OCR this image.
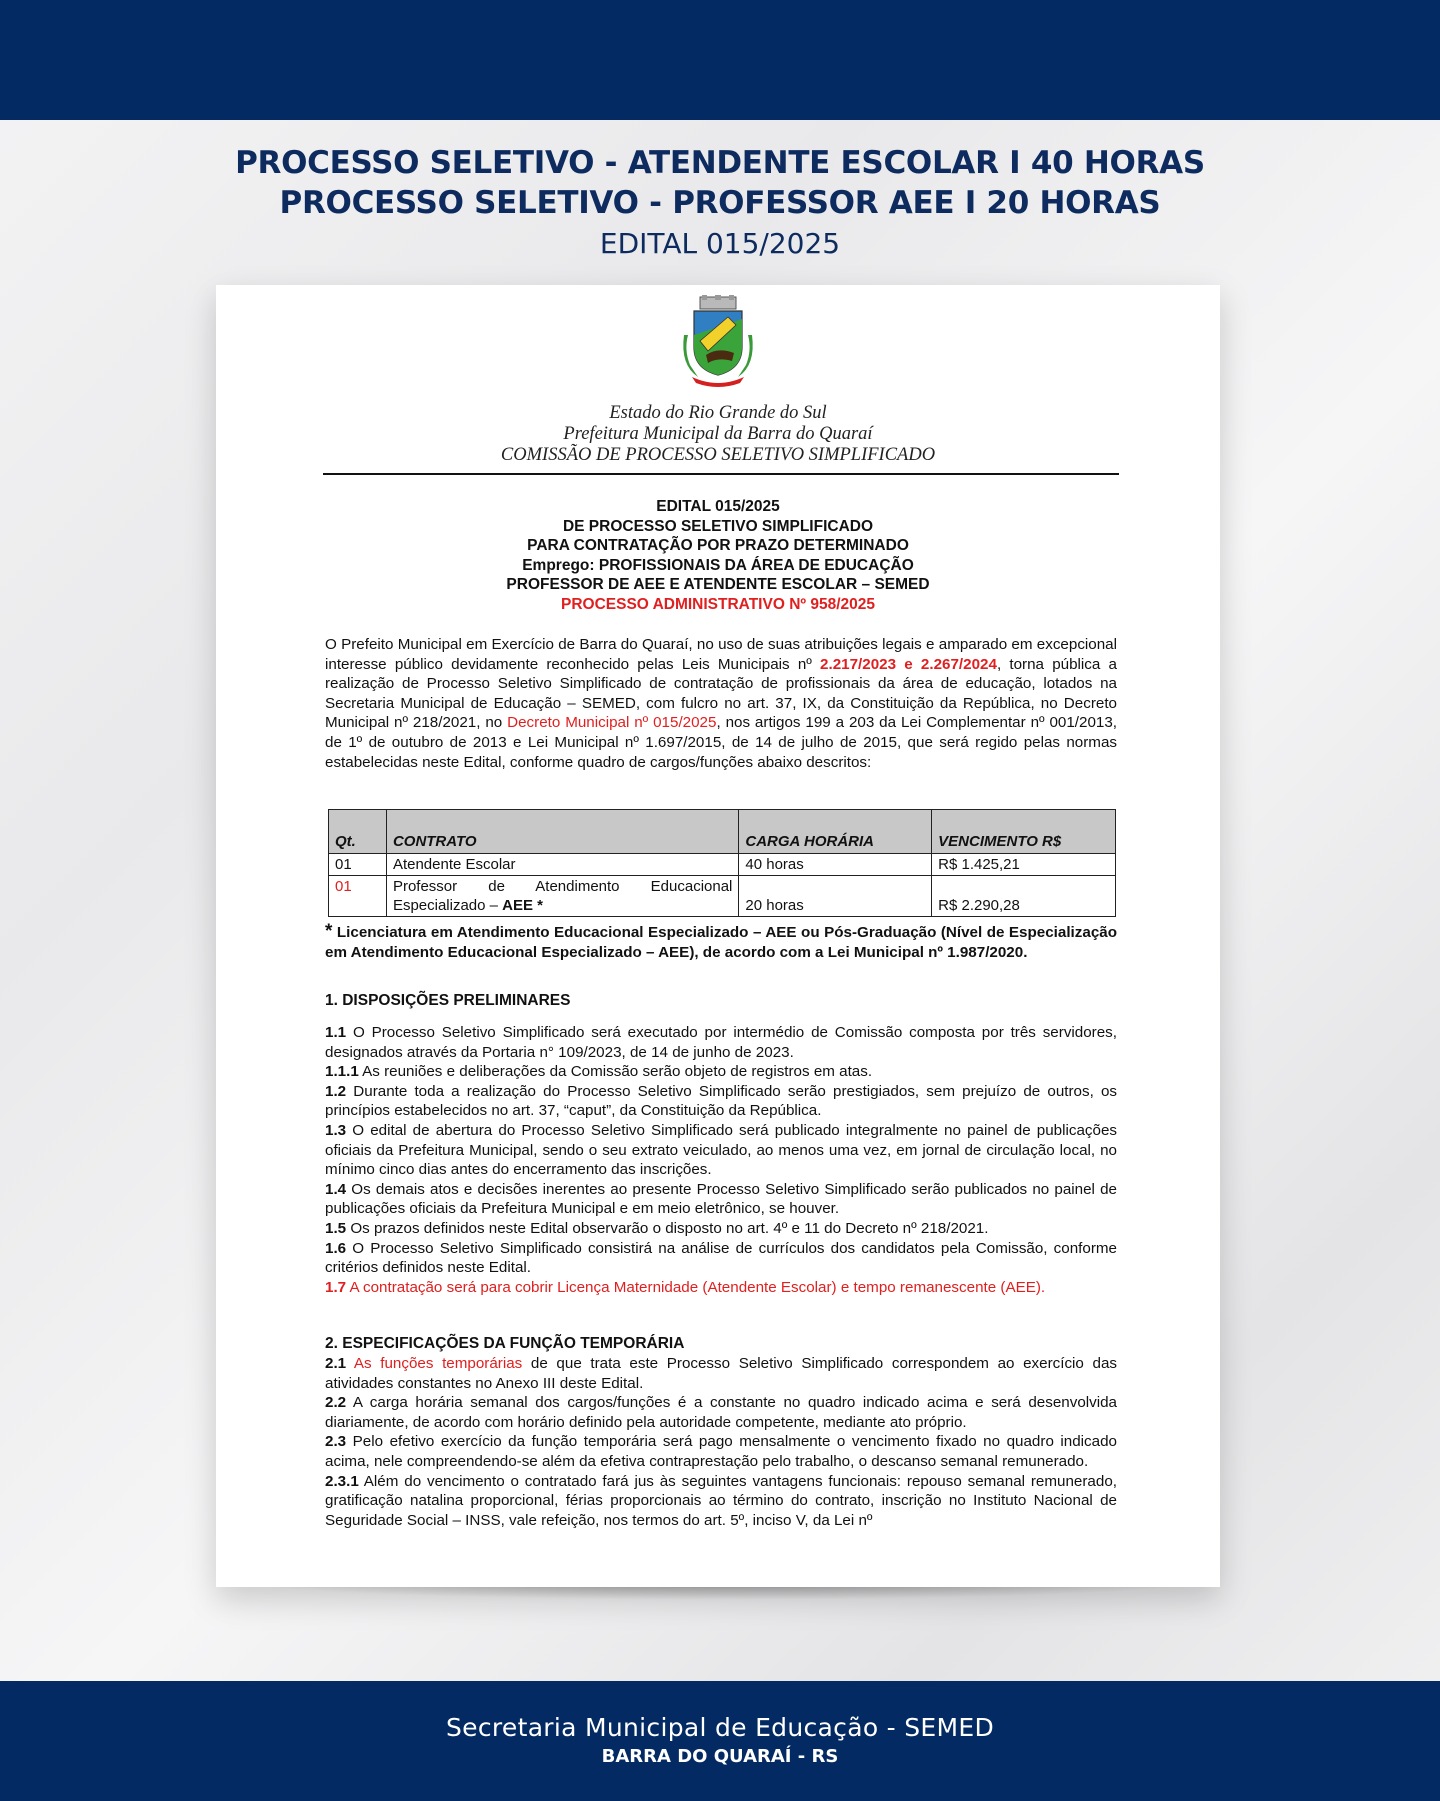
PROCESSO SELETIVO - ATENDENTE ESCOLAR I 40 HORAS
PROCESSO SELETIVO - PROFESSOR AEE I 20 HORAS
EDITAL 015/2025
Estado do Rio Grande do Sul
Prefeitura Municipal da Barra do Quaraí
COMISSÃO DE PROCESSO SELETIVO SIMPLIFICADO
EDITAL 015/2025
DE PROCESSO SELETIVO SIMPLIFICADO
PARA CONTRATAÇÃO POR PRAZO DETERMINADO
Emprego: PROFISSIONAIS DA ÁREA DE EDUCAÇÃO
PROFESSOR DE AEE E ATENDENTE ESCOLAR – SEMED
PROCESSO ADMINISTRATIVO Nº 958/2025

O Prefeito Municipal em Exercício de Barra do Quaraí, no uso de suas atribuições legais e amparado em excepcional interesse público devidamente reconhecido pelas Leis Municipais nº 2.217/2023 e 2.267/2024, torna pública a realização de Processo Seletivo Simplificado de contratação de profissionais da área de educação, lotados na Secretaria Municipal de Educação – SEMED, com fulcro no art. 37, IX, da Constituição da República, no Decreto Municipal nº 218/2021, no Decreto Municipal nº 015/2025, nos artigos 199 a 203 da Lei Complementar nº 001/2013, de 1º de outubro de 2013 e Lei Municipal nº 1.697/2015, de 14 de julho de 2015, que será regido pelas normas estabelecidas neste Edital, conforme quadro de cargos/funções abaixo descritos:

Qt.	CONTRATO	CARGA HORÁRIA	VENCIMENTO R$
01	Atendente Escolar	40 horas	R$ 1.425,21
01	Professor de Atendimento Educacional Especializado – AEE *	20 horas	R$ 2.290,28

* Licenciatura em Atendimento Educacional Especializado – AEE ou Pós-Graduação (Nível de Especialização em Atendimento Educacional Especializado – AEE), de acordo com a Lei Municipal nº 1.987/2020.

1. DISPOSIÇÕES PRELIMINARES

1.1 O Processo Seletivo Simplificado será executado por intermédio de Comissão composta por três servidores, designados através da Portaria n° 109/2023, de 14 de junho de 2023.

1.1.1 As reuniões e deliberações da Comissão serão objeto de registros em atas.

1.2 Durante toda a realização do Processo Seletivo Simplificado serão prestigiados, sem prejuízo de outros, os princípios estabelecidos no art. 37, “caput”, da Constituição da República.

1.3 O edital de abertura do Processo Seletivo Simplificado será publicado integralmente no painel de publicações oficiais da Prefeitura Municipal, sendo o seu extrato veiculado, ao menos uma vez, em jornal de circulação local, no mínimo cinco dias antes do encerramento das inscrições.

1.4 Os demais atos e decisões inerentes ao presente Processo Seletivo Simplificado serão publicados no painel de publicações oficiais da Prefeitura Municipal e em meio eletrônico, se houver.

1.5 Os prazos definidos neste Edital observarão o disposto no art. 4º e 11 do Decreto nº 218/2021.

1.6 O Processo Seletivo Simplificado consistirá na análise de currículos dos candidatos pela Comissão, conforme critérios definidos neste Edital.

1.7 A contratação será para cobrir Licença Maternidade (Atendente Escolar) e tempo remanescente (AEE).

2. ESPECIFICAÇÕES DA FUNÇÃO TEMPORÁRIA

2.1 As funções temporárias de que trata este Processo Seletivo Simplificado correspondem ao exercício das atividades constantes no Anexo III deste Edital.

2.2 A carga horária semanal dos cargos/funções é a constante no quadro indicado acima e será desenvolvida diariamente, de acordo com horário definido pela autoridade competente, mediante ato próprio.

2.3 Pelo efetivo exercício da função temporária será pago mensalmente o vencimento fixado no quadro indicado acima, nele compreendendo-se além da efetiva contraprestação pelo trabalho, o descanso semanal remunerado.

2.3.1 Além do vencimento o contratado fará jus às seguintes vantagens funcionais: repouso semanal remunerado, gratificação natalina proporcional, férias proporcionais ao término do contrato, inscrição no Instituto Nacional de Seguridade Social – INSS, vale refeição, nos termos do art. 5º, inciso V, da Lei nº

Secretaria Municipal de Educação - SEMED
BARRA DO QUARAÍ - RS
